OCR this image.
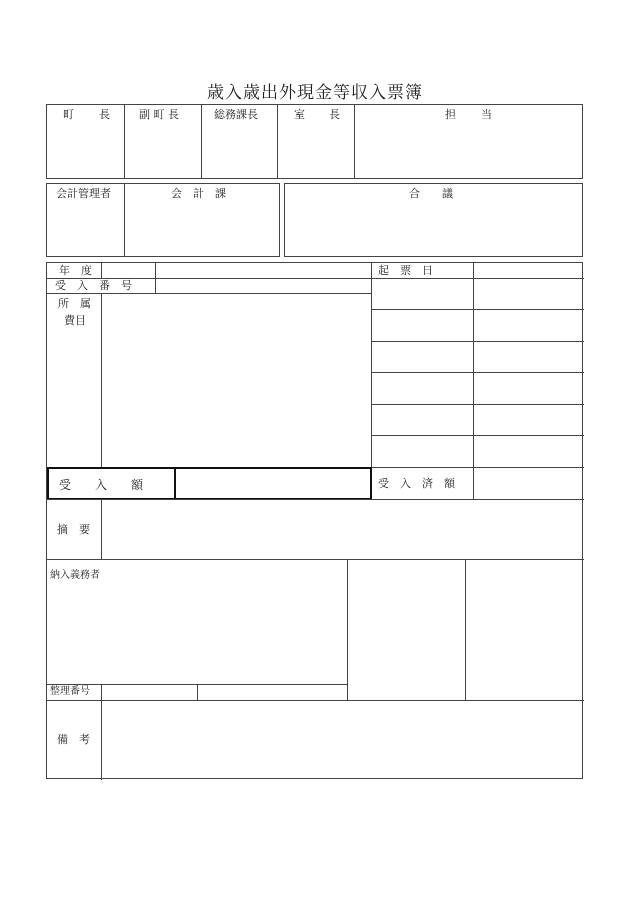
歳入歳出外現金等収入票簿
町 長	副 町 長	総務課長	室 長	担 当
会計管理者	会　計　課	合　　議
受　　入　　額
年　度
受　入　番　号
所　属
費目
起　票　日
受　入　済　額
摘　要
納入義務者
整理番号
備　考
